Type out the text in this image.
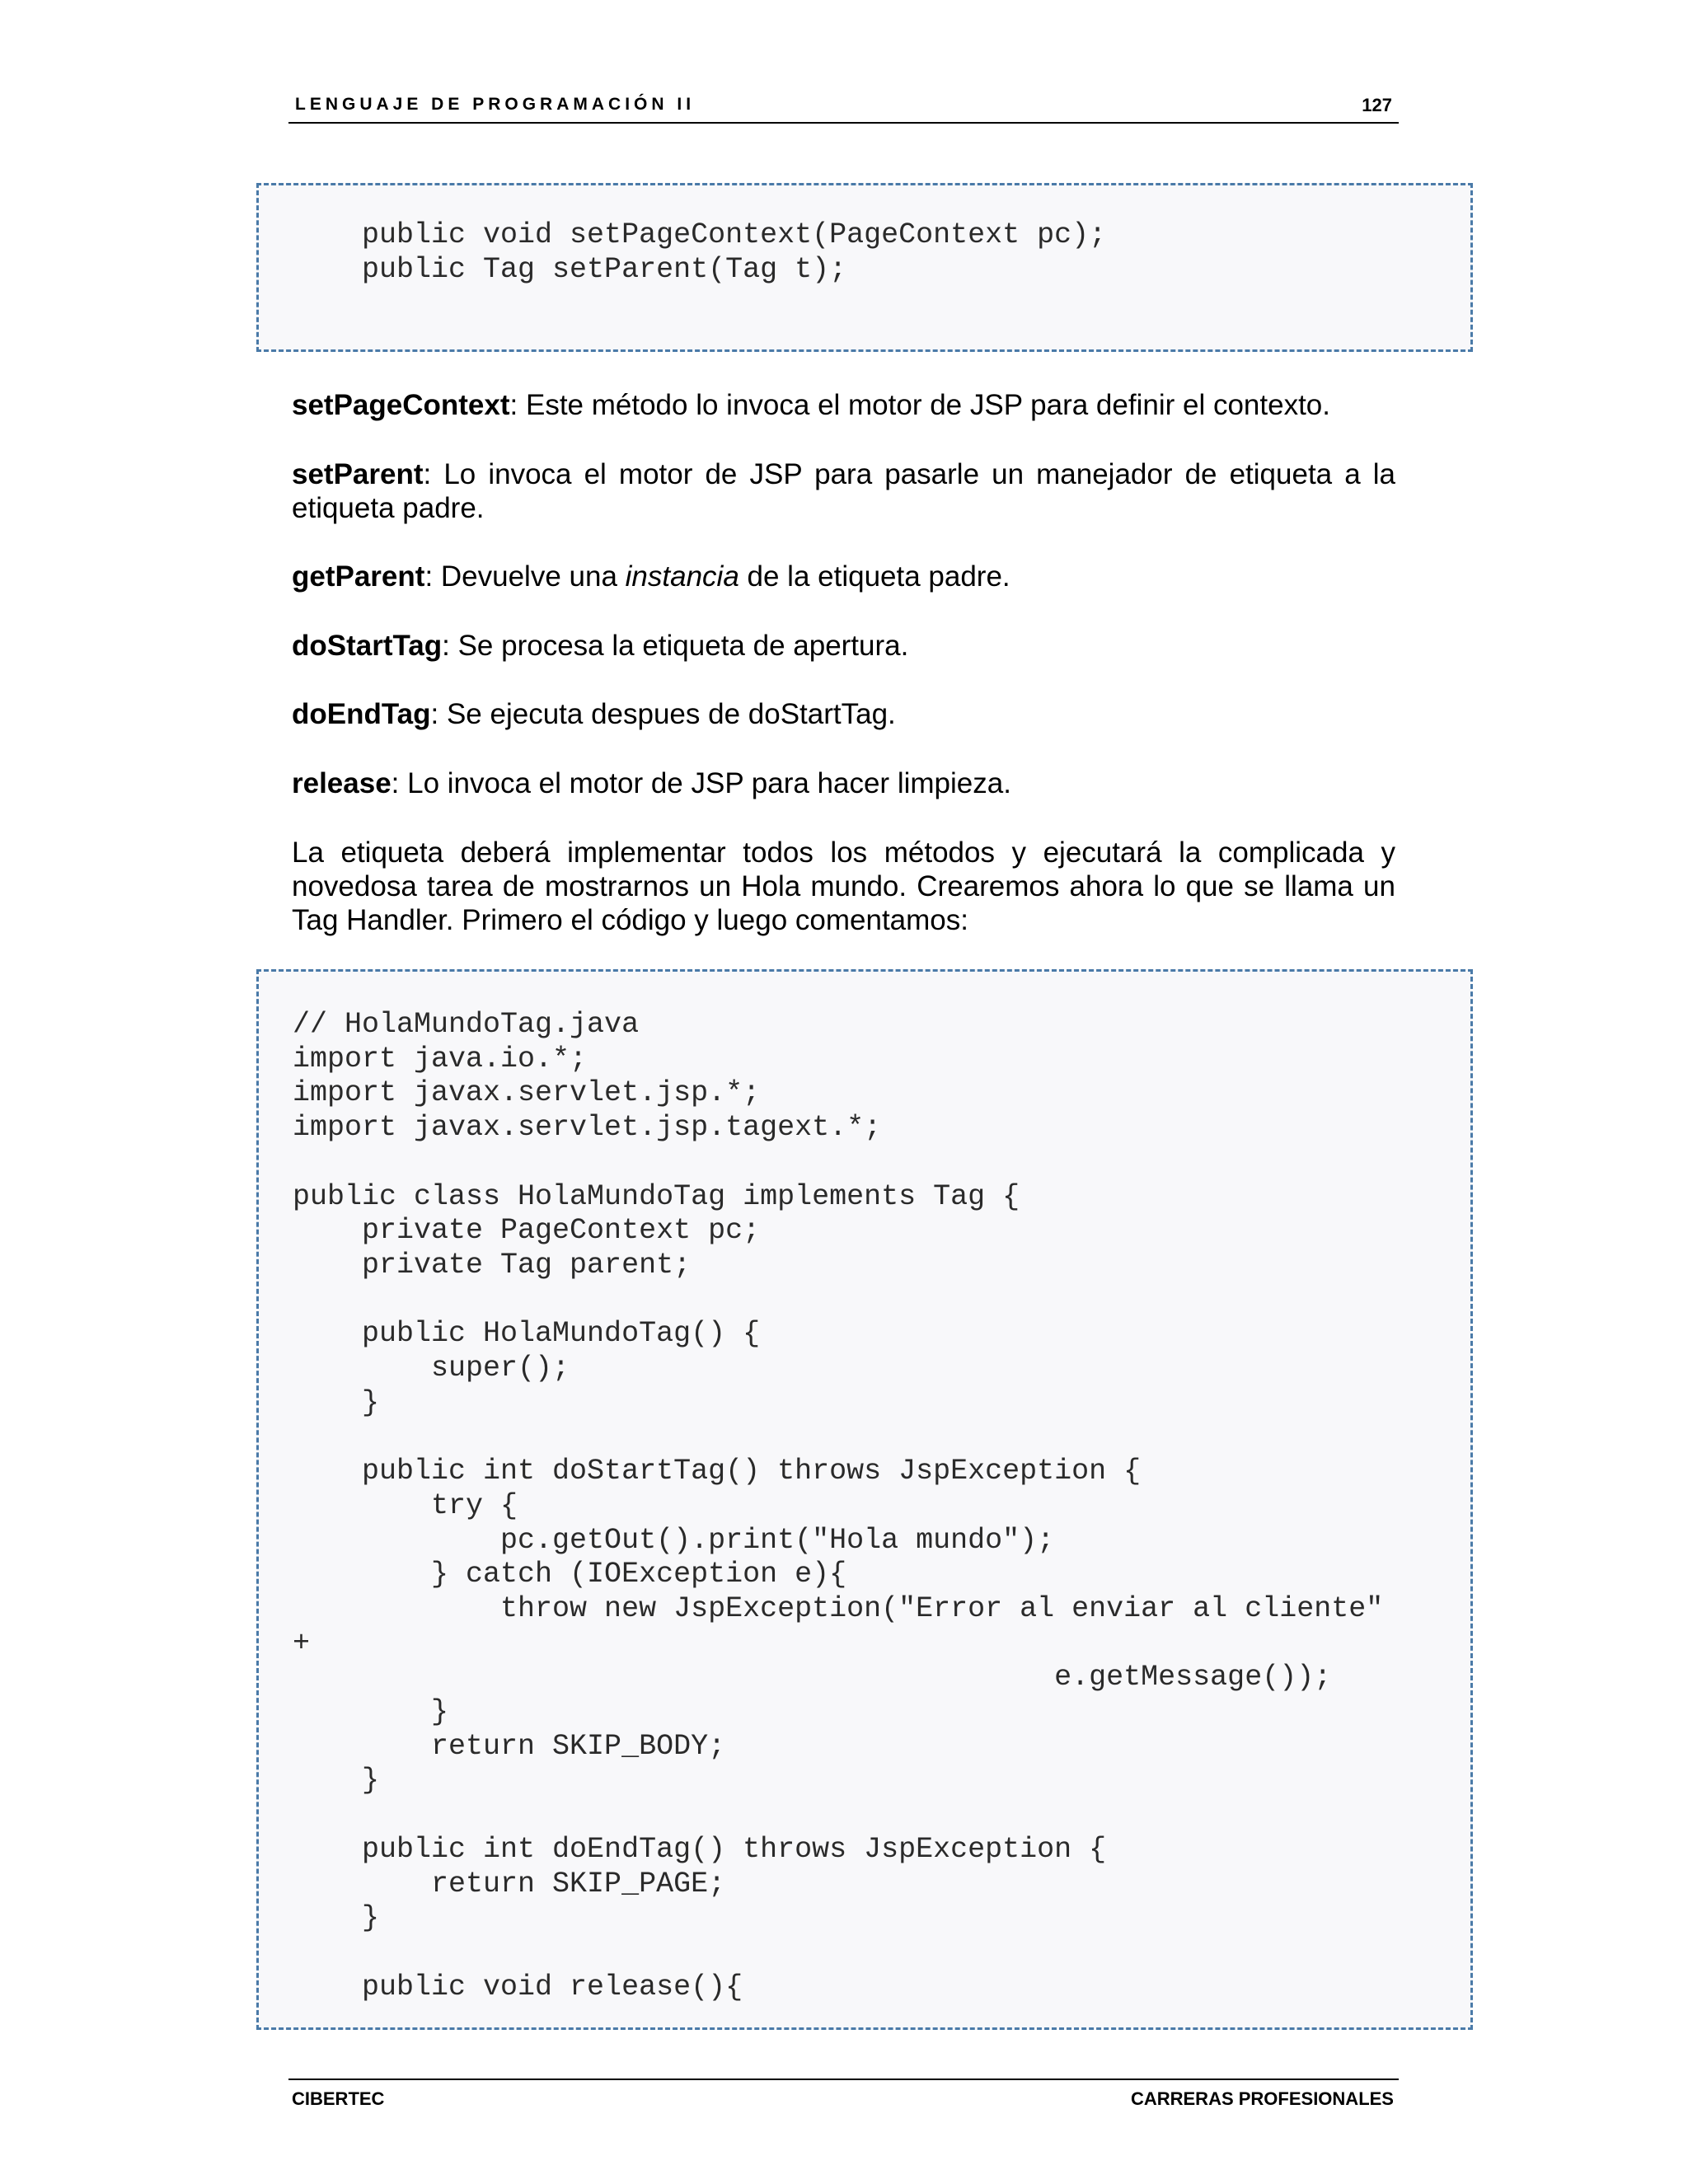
LENGUAJE DE PROGRAMACIÓN II	127
public void setPageContext(PageContext pc);
public Tag setParent(Tag t);
setPageContext: Este método lo invoca el motor de JSP para definir el contexto.
setParent: Lo invoca el motor de JSP para pasarle un manejador de etiqueta a la etiqueta padre.
getParent: Devuelve una instancia de la etiqueta padre.
doStartTag: Se procesa la etiqueta de apertura.
doEndTag: Se ejecuta despues de doStartTag.
release: Lo invoca el motor de JSP para hacer limpieza.
La etiqueta deberá implementar todos los métodos y ejecutará la complicada y novedosa tarea de mostrarnos un Hola mundo. Crearemos ahora lo que se llama un Tag Handler. Primero el código y luego comentamos:
// HolaMundoTag.java
import java.io.*;
import javax.servlet.jsp.*;
import javax.servlet.jsp.tagext.*;

public class HolaMundoTag implements Tag {
private PageContext pc;
private Tag parent;

public HolaMundoTag() {
super();
}

public int doStartTag() throws JspException {
try {
pc.getOut().print("Hola mundo");
} catch (IOException e){
throw new JspException("Error al enviar al cliente"
+
e.getMessage());
}
return SKIP_BODY;
}

public int doEndTag() throws JspException {
return SKIP_PAGE;
}

public void release(){
CIBERTEC	CARRERAS PROFESIONALES
